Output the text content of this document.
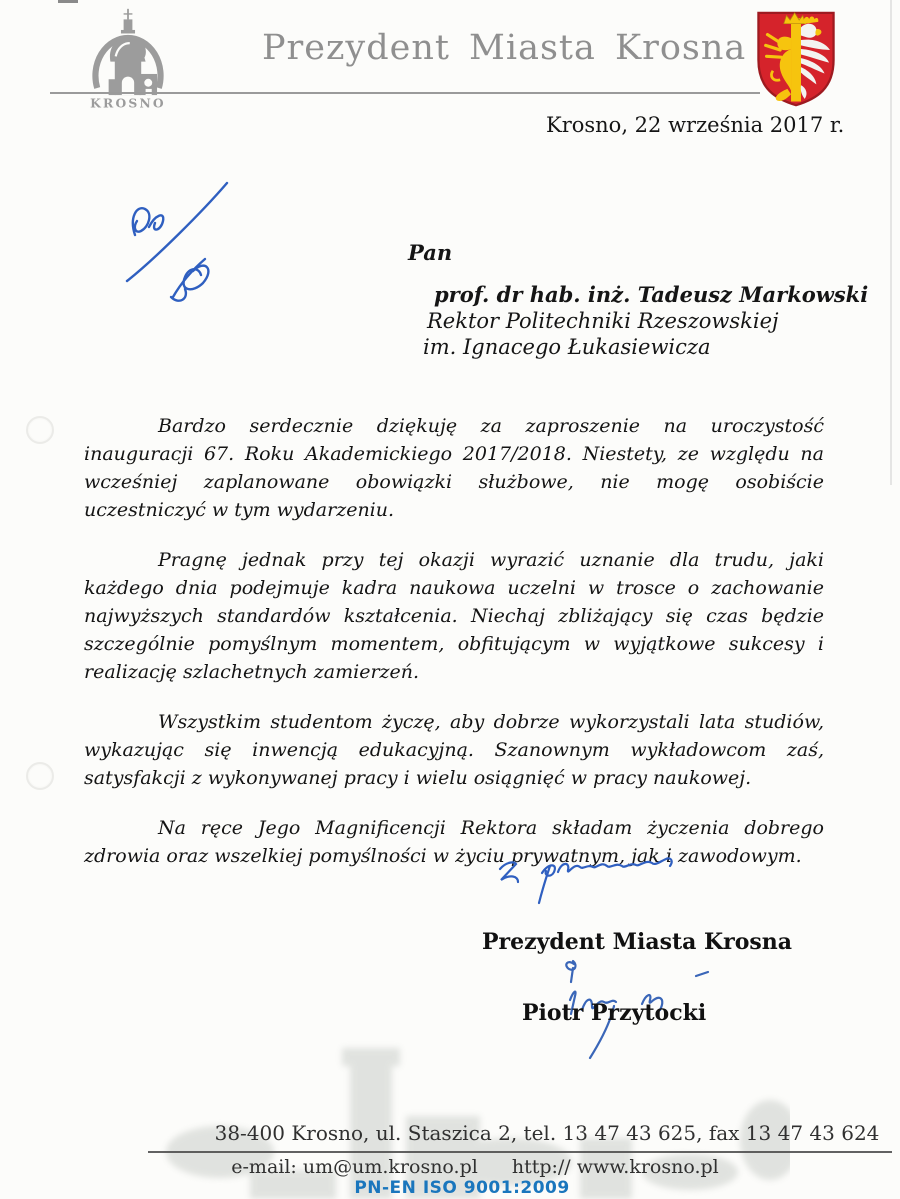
KROSNO
Prezydent Miasta Krosna
Krosno, 22 września 2017 r.

Pan

prof. dr hab. inż. Tadeusz Markowski

Rektor Politechniki Rzeszowskiej

im. Ignacego Łukasiewicza

Bardzo serdecznie dziękuję za zaproszenie na uroczystość inauguracji 67. Roku Akademickiego 2017/2018. Niestety, ze względu na wcześniej zaplanowane obowiązki służbowe, nie mogę osobiście uczestniczyć w tym wydarzeniu.

Pragnę jednak przy tej okazji wyrazić uznanie dla trudu, jaki każdego dnia podejmuje kadra naukowa uczelni w trosce o zachowanie najwyższych standardów kształcenia. Niechaj zbliżający się czas będzie szczególnie pomyślnym momentem, obfitującym w wyjątkowe sukcesy i realizację szlachetnych zamierzeń.

Wszystkim studentom życzę, aby dobrze wykorzystali lata studiów, wykazując się inwencją edukacyjną. Szanownym wykładowcom zaś, satysfakcji z wykonywanej pracy i wielu osiągnięć w pracy naukowej.

Na ręce Jego Magnificencji Rektora składam życzenia dobrego zdrowia oraz wszelkiej pomyślności w życiu prywatnym, jak i zawodowym.

Prezydent Miasta Krosna
Piotr Przytocki
38-400 Krosno, ul. Staszica 2, tel. 13 47 43 625, fax 13 47 43 624
e-mail: um@um.krosno.pl http:// www.krosno.pl
PN-EN ISO 9001:2009
